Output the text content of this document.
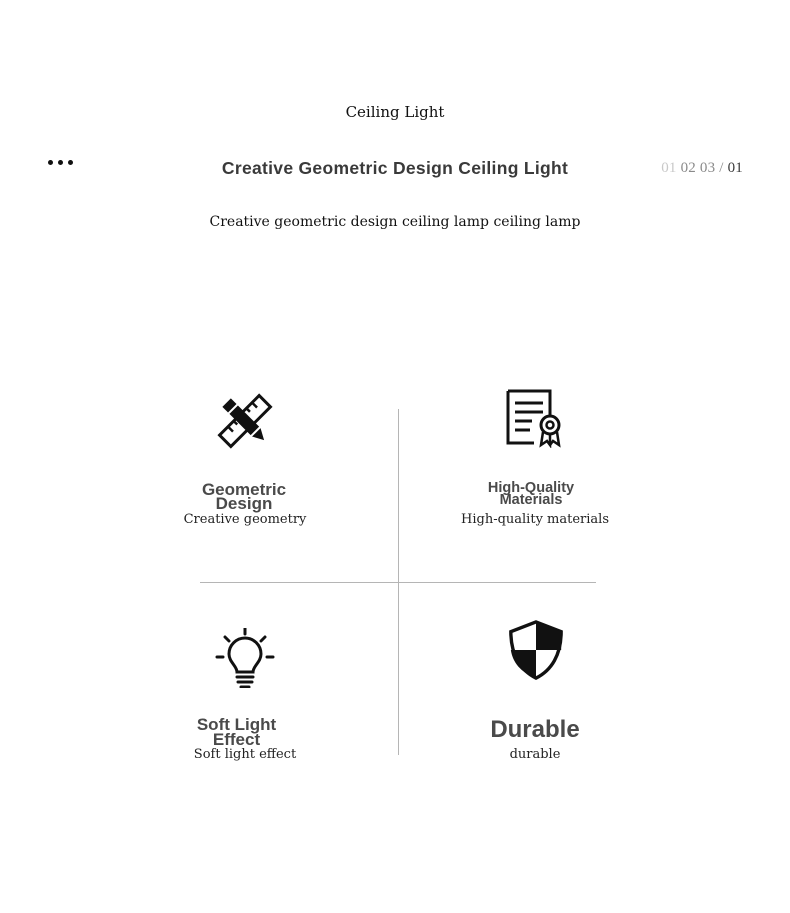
Ceiling Light
Creative Geometric Design Ceiling Light	01 02 03 / 01
Creative geometric design ceiling lamp ceiling lamp
Geometric Design
Creative geometry
High-Quality Materials
High-quality materials
Soft Light Effect
Soft light effect
Durable
durable
